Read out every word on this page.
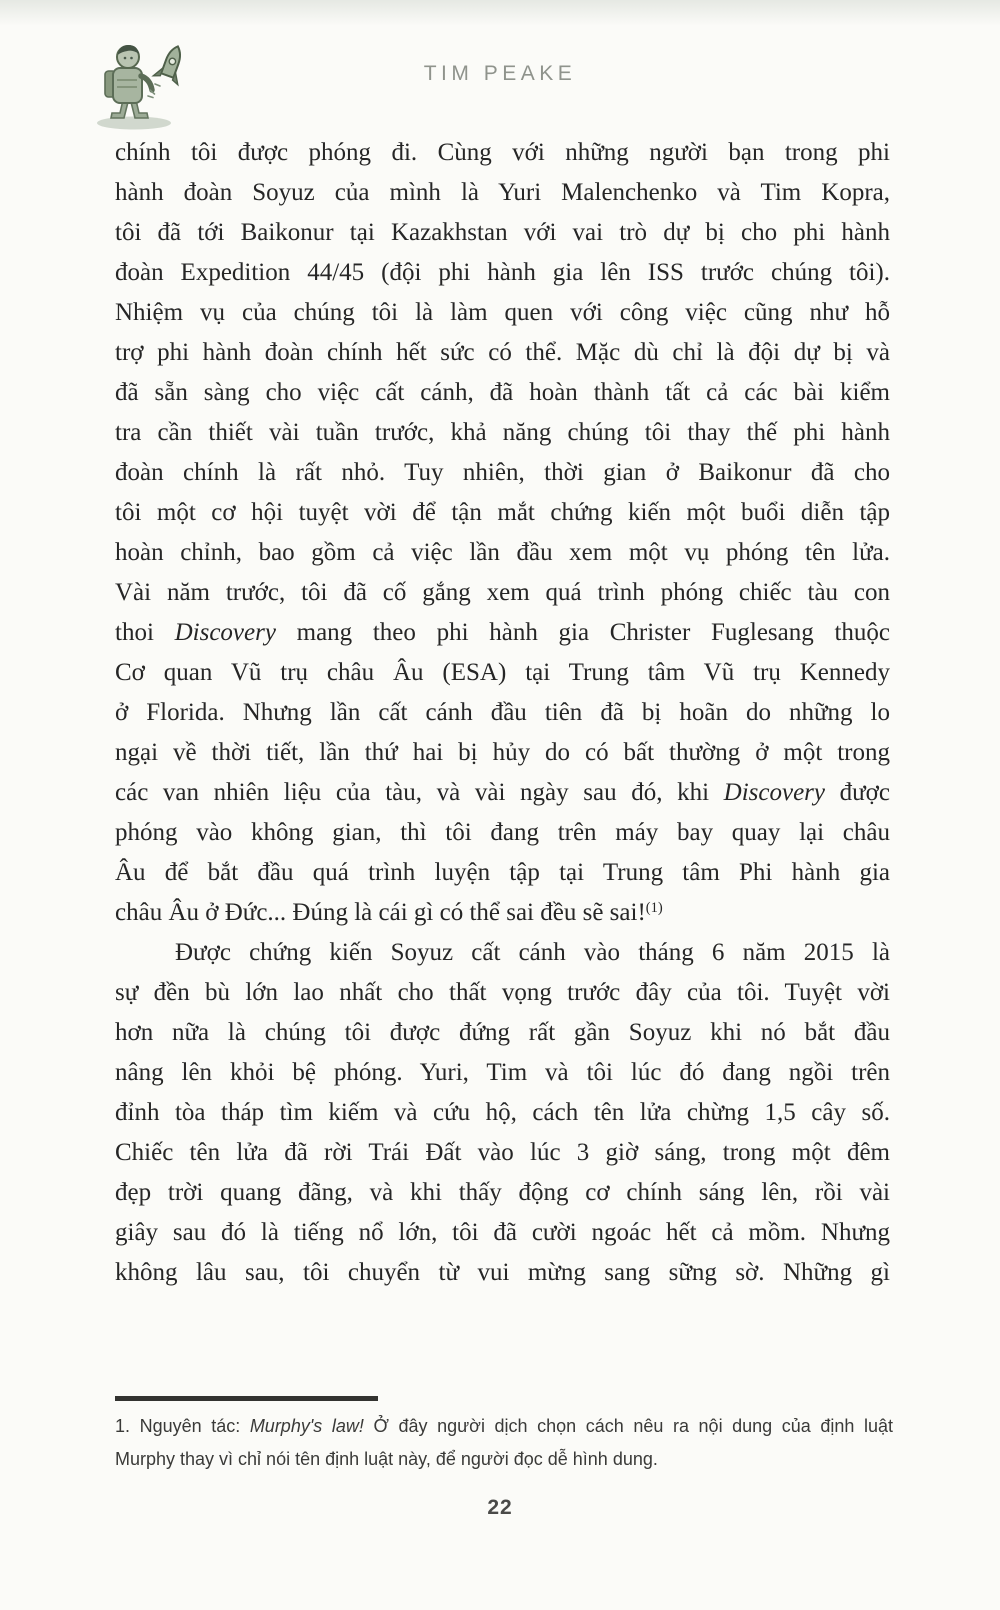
TIM PEAKE
chính tôi được phóng đi. Cùng với những người bạn trong phi
hành đoàn Soyuz của mình là Yuri Malenchenko và Tim Kopra,
tôi đã tới Baikonur tại Kazakhstan với vai trò dự bị cho phi hành
đoàn Expedition 44/45 (đội phi hành gia lên ISS trước chúng tôi).
Nhiệm vụ của chúng tôi là làm quen với công việc cũng như hỗ
trợ phi hành đoàn chính hết sức có thể. Mặc dù chỉ là đội dự bị và
đã sẵn sàng cho việc cất cánh, đã hoàn thành tất cả các bài kiểm
tra cần thiết vài tuần trước, khả năng chúng tôi thay thế phi hành
đoàn chính là rất nhỏ. Tuy nhiên, thời gian ở Baikonur đã cho
tôi một cơ hội tuyệt vời để tận mắt chứng kiến một buổi diễn tập
hoàn chỉnh, bao gồm cả việc lần đầu xem một vụ phóng tên lửa.
Vài năm trước, tôi đã cố gắng xem quá trình phóng chiếc tàu con
thoi Discovery mang theo phi hành gia Christer Fuglesang thuộc
Cơ quan Vũ trụ châu Âu (ESA) tại Trung tâm Vũ trụ Kennedy
ở Florida. Nhưng lần cất cánh đầu tiên đã bị hoãn do những lo
ngại về thời tiết, lần thứ hai bị hủy do có bất thường ở một trong
các van nhiên liệu của tàu, và vài ngày sau đó, khi Discovery được
phóng vào không gian, thì tôi đang trên máy bay quay lại châu
Âu để bắt đầu quá trình luyện tập tại Trung tâm Phi hành gia
châu Âu ở Đức... Đúng là cái gì có thể sai đều sẽ sai!$^{(1)}$
Được chứng kiến Soyuz cất cánh vào tháng 6 năm 2015 là
sự đền bù lớn lao nhất cho thất vọng trước đây của tôi. Tuyệt vời
hơn nữa là chúng tôi được đứng rất gần Soyuz khi nó bắt đầu
nâng lên khỏi bệ phóng. Yuri, Tim và tôi lúc đó đang ngồi trên
đỉnh tòa tháp tìm kiếm và cứu hộ, cách tên lửa chừng 1,5 cây số.
Chiếc tên lửa đã rời Trái Đất vào lúc 3 giờ sáng, trong một đêm
đẹp trời quang đãng, và khi thấy động cơ chính sáng lên, rồi vài
giây sau đó là tiếng nổ lớn, tôi đã cười ngoác hết cả mồm. Nhưng
không lâu sau, tôi chuyển từ vui mừng sang sững sờ. Những gì
1. Nguyên tác: Murphy's law! Ở đây người dịch chọn cách nêu ra nội dung của định luật
Murphy thay vì chỉ nói tên định luật này, để người đọc dễ hình dung.
22
